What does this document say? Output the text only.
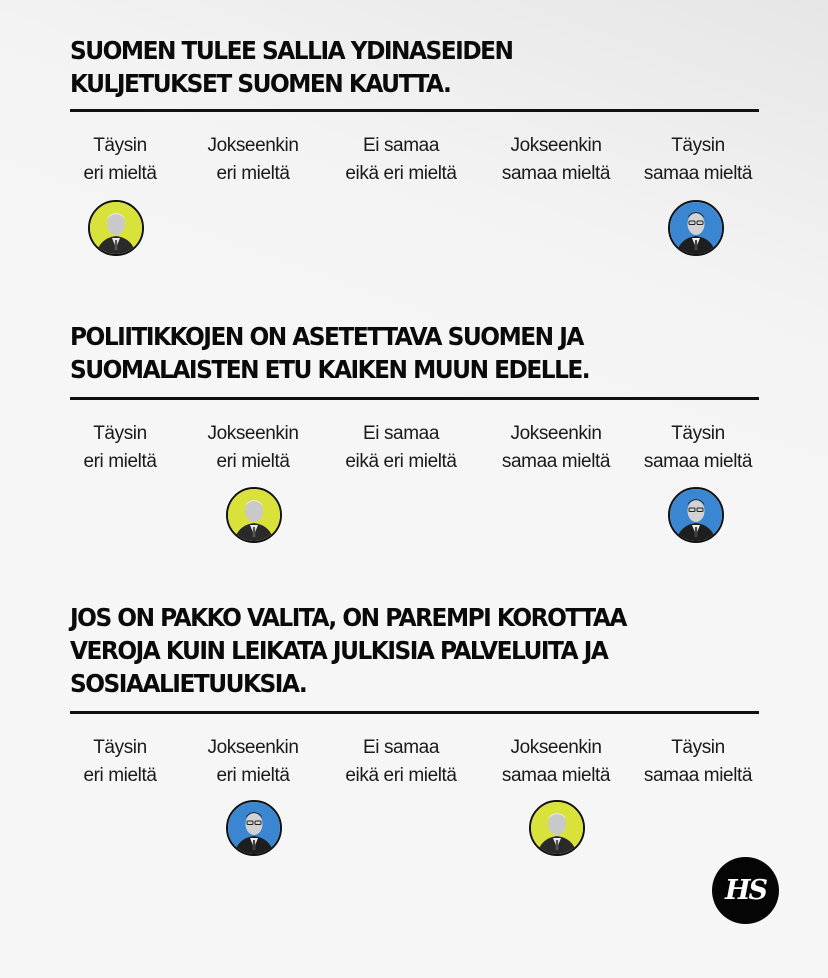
SUOMEN TULEE SALLIA YDINASEIDEN

KULJETUKSET SUOMEN KAUTTA.

Täysin
eri mieltä
Jokseenkin
eri mieltä
Ei samaa
eikä eri mieltä
Jokseenkin
samaa mieltä
Täysin
samaa mieltä

POLIITIKKOJEN ON ASETETTAVA SUOMEN JA

SUOMALAISTEN ETU KAIKEN MUUN EDELLE.

Täysin
eri mieltä
Jokseenkin
eri mieltä
Ei samaa
eikä eri mieltä
Jokseenkin
samaa mieltä
Täysin
samaa mieltä

JOS ON PAKKO VALITA, ON PAREMPI KOROTTAA

VEROJA KUIN LEIKATA JULKISIA PALVELUITA JA

SOSIAALIETUUKSIA.

Täysin
eri mieltä
Jokseenkin
eri mieltä
Ei samaa
eikä eri mieltä
Jokseenkin
samaa mieltä
Täysin
samaa mieltä
HS
